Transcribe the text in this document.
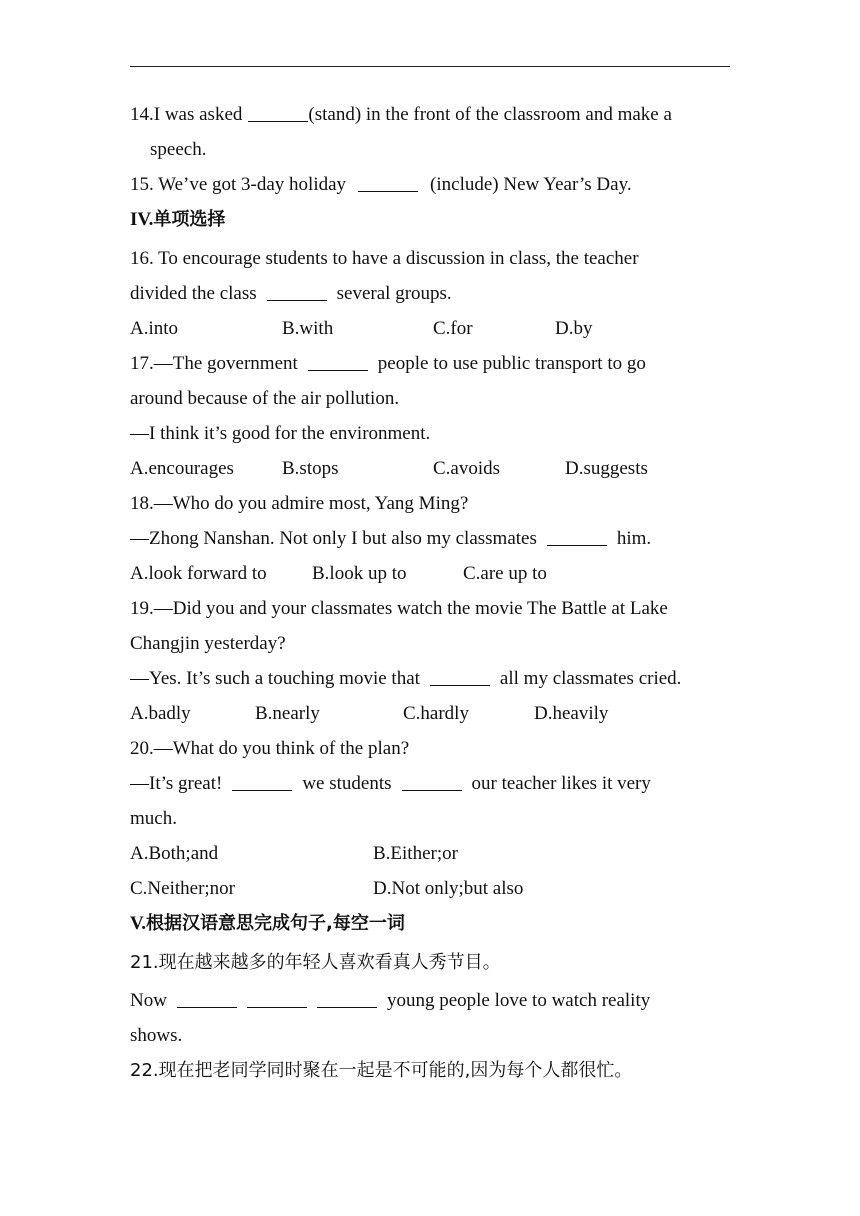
14.I was asked	(stand) in the front of the classroom and make a
speech.
15. We’ve got 3-day holiday	(include) New Year’s Day.
IV.单项选择
16. To encourage students to have a discussion in class, the teacher
divided the class	several groups.
A.into	B.with	C.for	D.by
17.—The government	people to use public transport to go
around because of the air pollution.
—I think it’s good for the environment.
A.encourages	B.stops	C.avoids	D.suggests
18.—Who do you admire most, Yang Ming?
—Zhong Nanshan. Not only I but also my classmates	him.
A.look forward to B.look up to	C.are up to
19.—Did you and your classmates watch the movie The Battle at Lake
Changjin yesterday?
—Yes. It’s such a touching movie that	all my classmates cried.
A.badly	B.nearly	C.hardly	D.heavily
20.—What do you think of the plan?
—It’s great!	we students	our teacher likes it very
much.
A.Both;and	B.Either;or
C.Neither;nor	D.Not only;but also
V.根据汉语意思完成句子,每空一词
21.现在越来越多的年轻人喜欢看真人秀节目。
Now	young people love to watch reality
shows.
22.现在把老同学同时聚在一起是不可能的,因为每个人都很忙。
